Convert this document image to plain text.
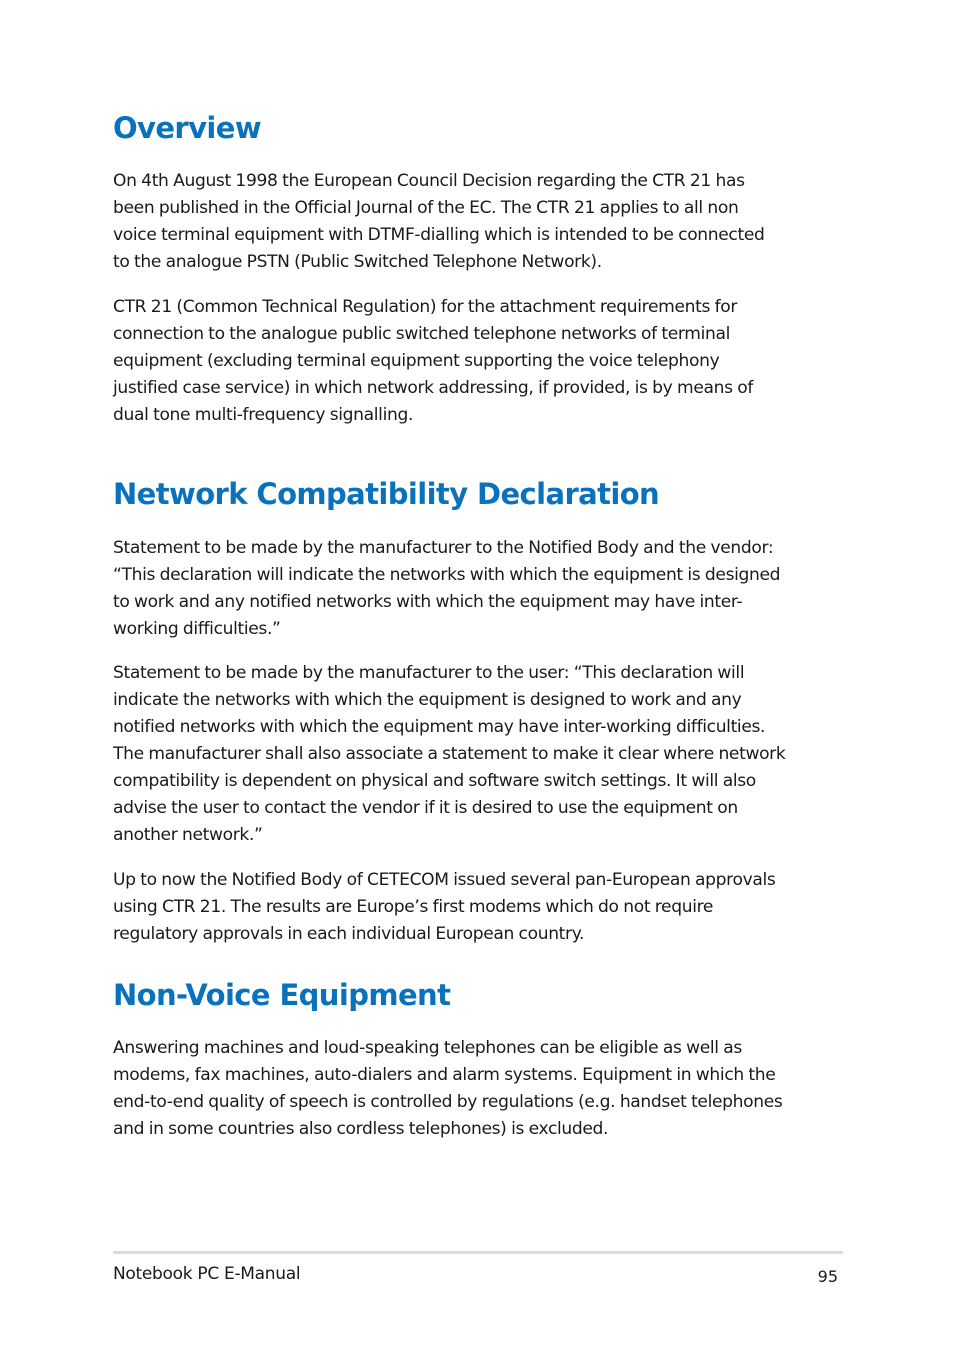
Overview

On 4th August 1998 the European Council Decision regarding the CTR 21 has
been published in the Official Journal of the EC. The CTR 21 applies to all non
voice terminal equipment with DTMF-dialling which is intended to be connected
to the analogue PSTN (Public Switched Telephone Network).

CTR 21 (Common Technical Regulation) for the attachment requirements for
connection to the analogue public switched telephone networks of terminal
equipment (excluding terminal equipment supporting the voice telephony
justified case service) in which network addressing, if provided, is by means of
dual tone multi-frequency signalling.

Network Compatibility Declaration

Statement to be made by the manufacturer to the Notified Body and the vendor:
“This declaration will indicate the networks with which the equipment is designed
to work and any notified networks with which the equipment may have inter-
working difficulties.”

Statement to be made by the manufacturer to the user: “This declaration will
indicate the networks with which the equipment is designed to work and any
notified networks with which the equipment may have inter-working difficulties.
The manufacturer shall also associate a statement to make it clear where network
compatibility is dependent on physical and software switch settings. It will also
advise the user to contact the vendor if it is desired to use the equipment on
another network.”

Up to now the Notified Body of CETECOM issued several pan-European approvals
using CTR 21. The results are Europe’s first modems which do not require
regulatory approvals in each individual European country.

Non-Voice Equipment

Answering machines and loud-speaking telephones can be eligible as well as
modems, fax machines, auto-dialers and alarm systems. Equipment in which the
end-to-end quality of speech is controlled by regulations (e.g. handset telephones
and in some countries also cordless telephones) is excluded.

Notebook PC E-Manual	95
